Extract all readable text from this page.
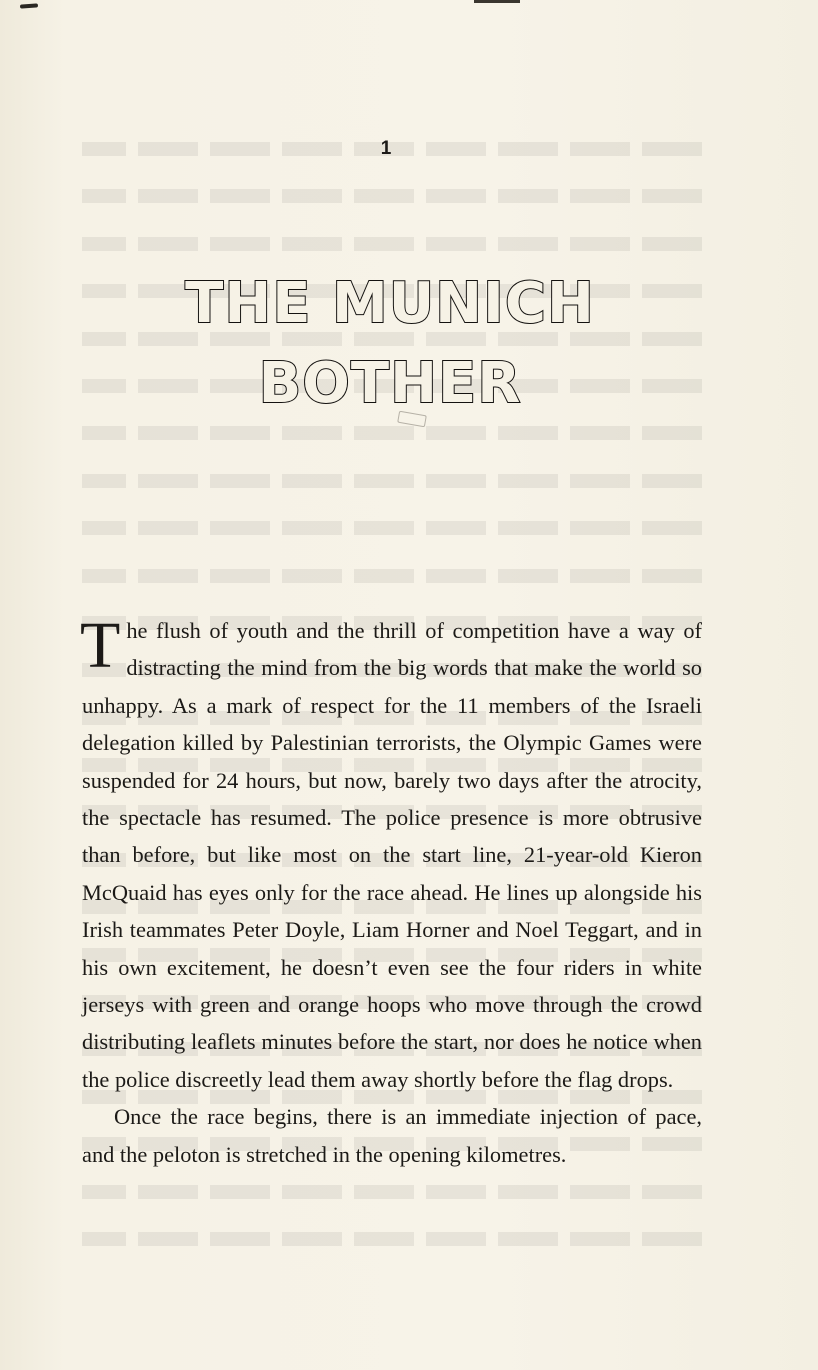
1
THE MUNICH
BOTHER

The flush of youth and the thrill of competition have a way of distracting the mind from the big words that make the world so unhappy. As a mark of respect for the 11 members of the Israeli delegation killed by Palestinian terrorists, the Olympic Games were suspended for 24 hours, but now, barely two days after the atrocity, the spectacle has resumed. The police presence is more obtrusive than before, but like most on the start line, 21-year-old Kieron McQuaid has eyes only for the race ahead. He lines up alongside his Irish teammates Peter Doyle, Liam Horner and Noel Teggart, and in his own excitement, he doesn’t even see the four riders in white jerseys with green and orange hoops who move through the crowd distributing leaflets minutes before the start, nor does he notice when the police discreetly lead them away shortly before the flag drops.

Once the race begins, there is an immediate injection of pace, and the peloton is stretched in the opening kilometres.
